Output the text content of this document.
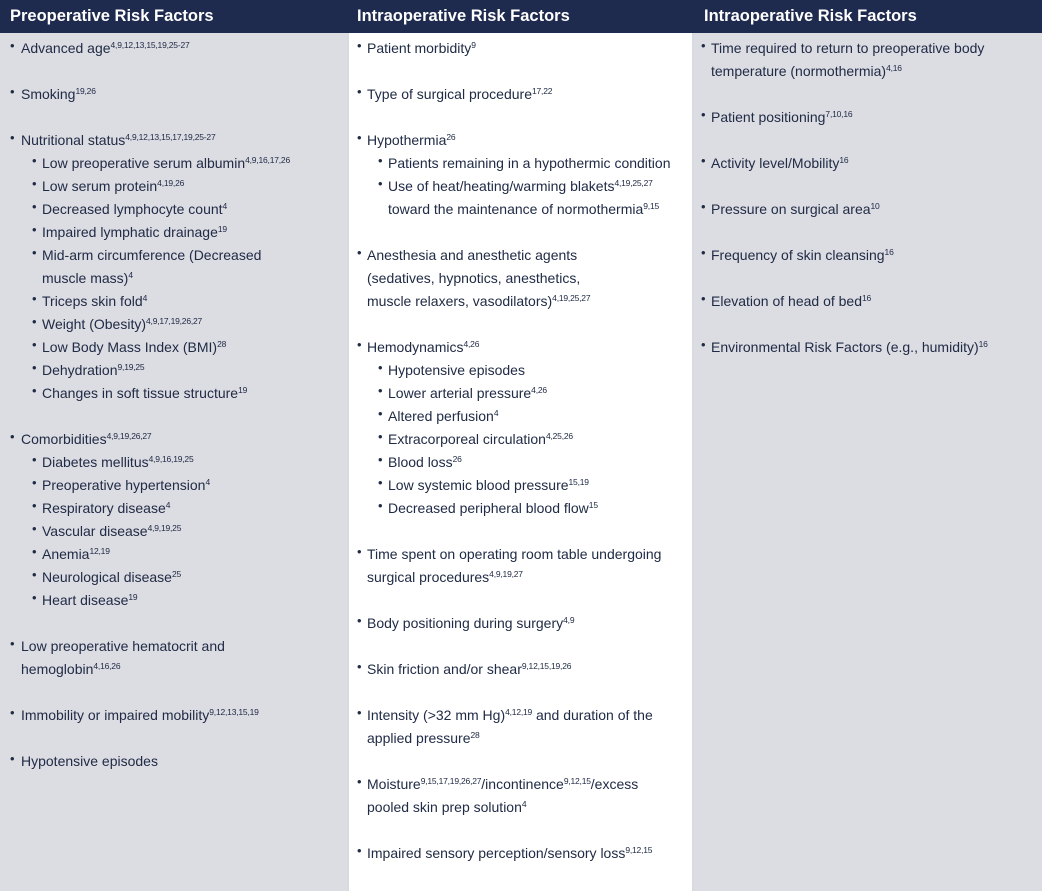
Preoperative Risk Factors	Intraoperative Risk Factors	Intraoperative Risk Factors
• Advanced age$^{4,9,12,13,15,19,25-27}$
• Smoking$^{19,26}$
• Nutritional status$^{4,9,12,13,15,17,19,25-27}$
• Low preoperative serum albumin$^{4,9,16,17,26}$
• Low serum protein$^{4,19,26}$
• Decreased lymphocyte count$^4$
• Impaired lymphatic drainage$^{19}$
• Mid-arm circumference (Decreased
muscle mass)$^4$
• Triceps skin fold$^4$
• Weight (Obesity)$^{4,9,17,19,26,27}$
• Low Body Mass Index (BMI)$^{28}$
• Dehydration$^{9,19,25}$
• Changes in soft tissue structure$^{19}$
• Comorbidities$^{4,9,19,26,27}$
• Diabetes mellitus$^{4,9,16,19,25}$
• Preoperative hypertension$^4$
• Respiratory disease$^4$
• Vascular disease$^{4,9,19,25}$
• Anemia$^{12,19}$
• Neurological disease$^{25}$
• Heart disease$^{19}$
• Low preoperative hematocrit and
hemoglobin$^{4,16,26}$
• Immobility or impaired mobility$^{9,12,13,15,19}$
• Hypotensive episodes
• Patient morbidity$^9$
• Type of surgical procedure$^{17,22}$
• Hypothermia$^{26}$
• Patients remaining in a hypothermic condition
• Use of heat/heating/warming blakets$^{4,19,25,27}$
toward the maintenance of normothermia$^{9,15}$
• Anesthesia and anesthetic agents
(sedatives, hypnotics, anesthetics,
muscle relaxers, vasodilators)$^{4,19,25,27}$
• Hemodynamics$^{4,26}$
• Hypotensive episodes
• Lower arterial pressure$^{4,26}$
• Altered perfusion$^4$
• Extracorporeal circulation$^{4,25,26}$
• Blood loss$^{26}$
• Low systemic blood pressure$^{15,19}$
• Decreased peripheral blood flow$^{15}$
• Time spent on operating room table undergoing
surgical procedures$^{4,9,19,27}$
• Body positioning during surgery$^{4,9}$
• Skin friction and/or shear$^{9,12,15,19,26}$
• Intensity (>32 mm Hg)$^{4,12,19}$ and duration of the
applied pressure$^{28}$
• Moisture$^{9,15,17,19,26,27}$/incontinence$^{9,12,15}$/excess
pooled skin prep solution$^4$
• Impaired sensory perception/sensory loss$^{9,12,15}$
• Time required to return to preoperative body
temperature (normothermia)$^{4,16}$
• Patient positioning$^{7,10,16}$
• Activity level/Mobility$^{16}$
• Pressure on surgical area$^{10}$
• Frequency of skin cleansing$^{16}$
• Elevation of head of bed$^{16}$
• Environmental Risk Factors (e.g., humidity)$^{16}$
